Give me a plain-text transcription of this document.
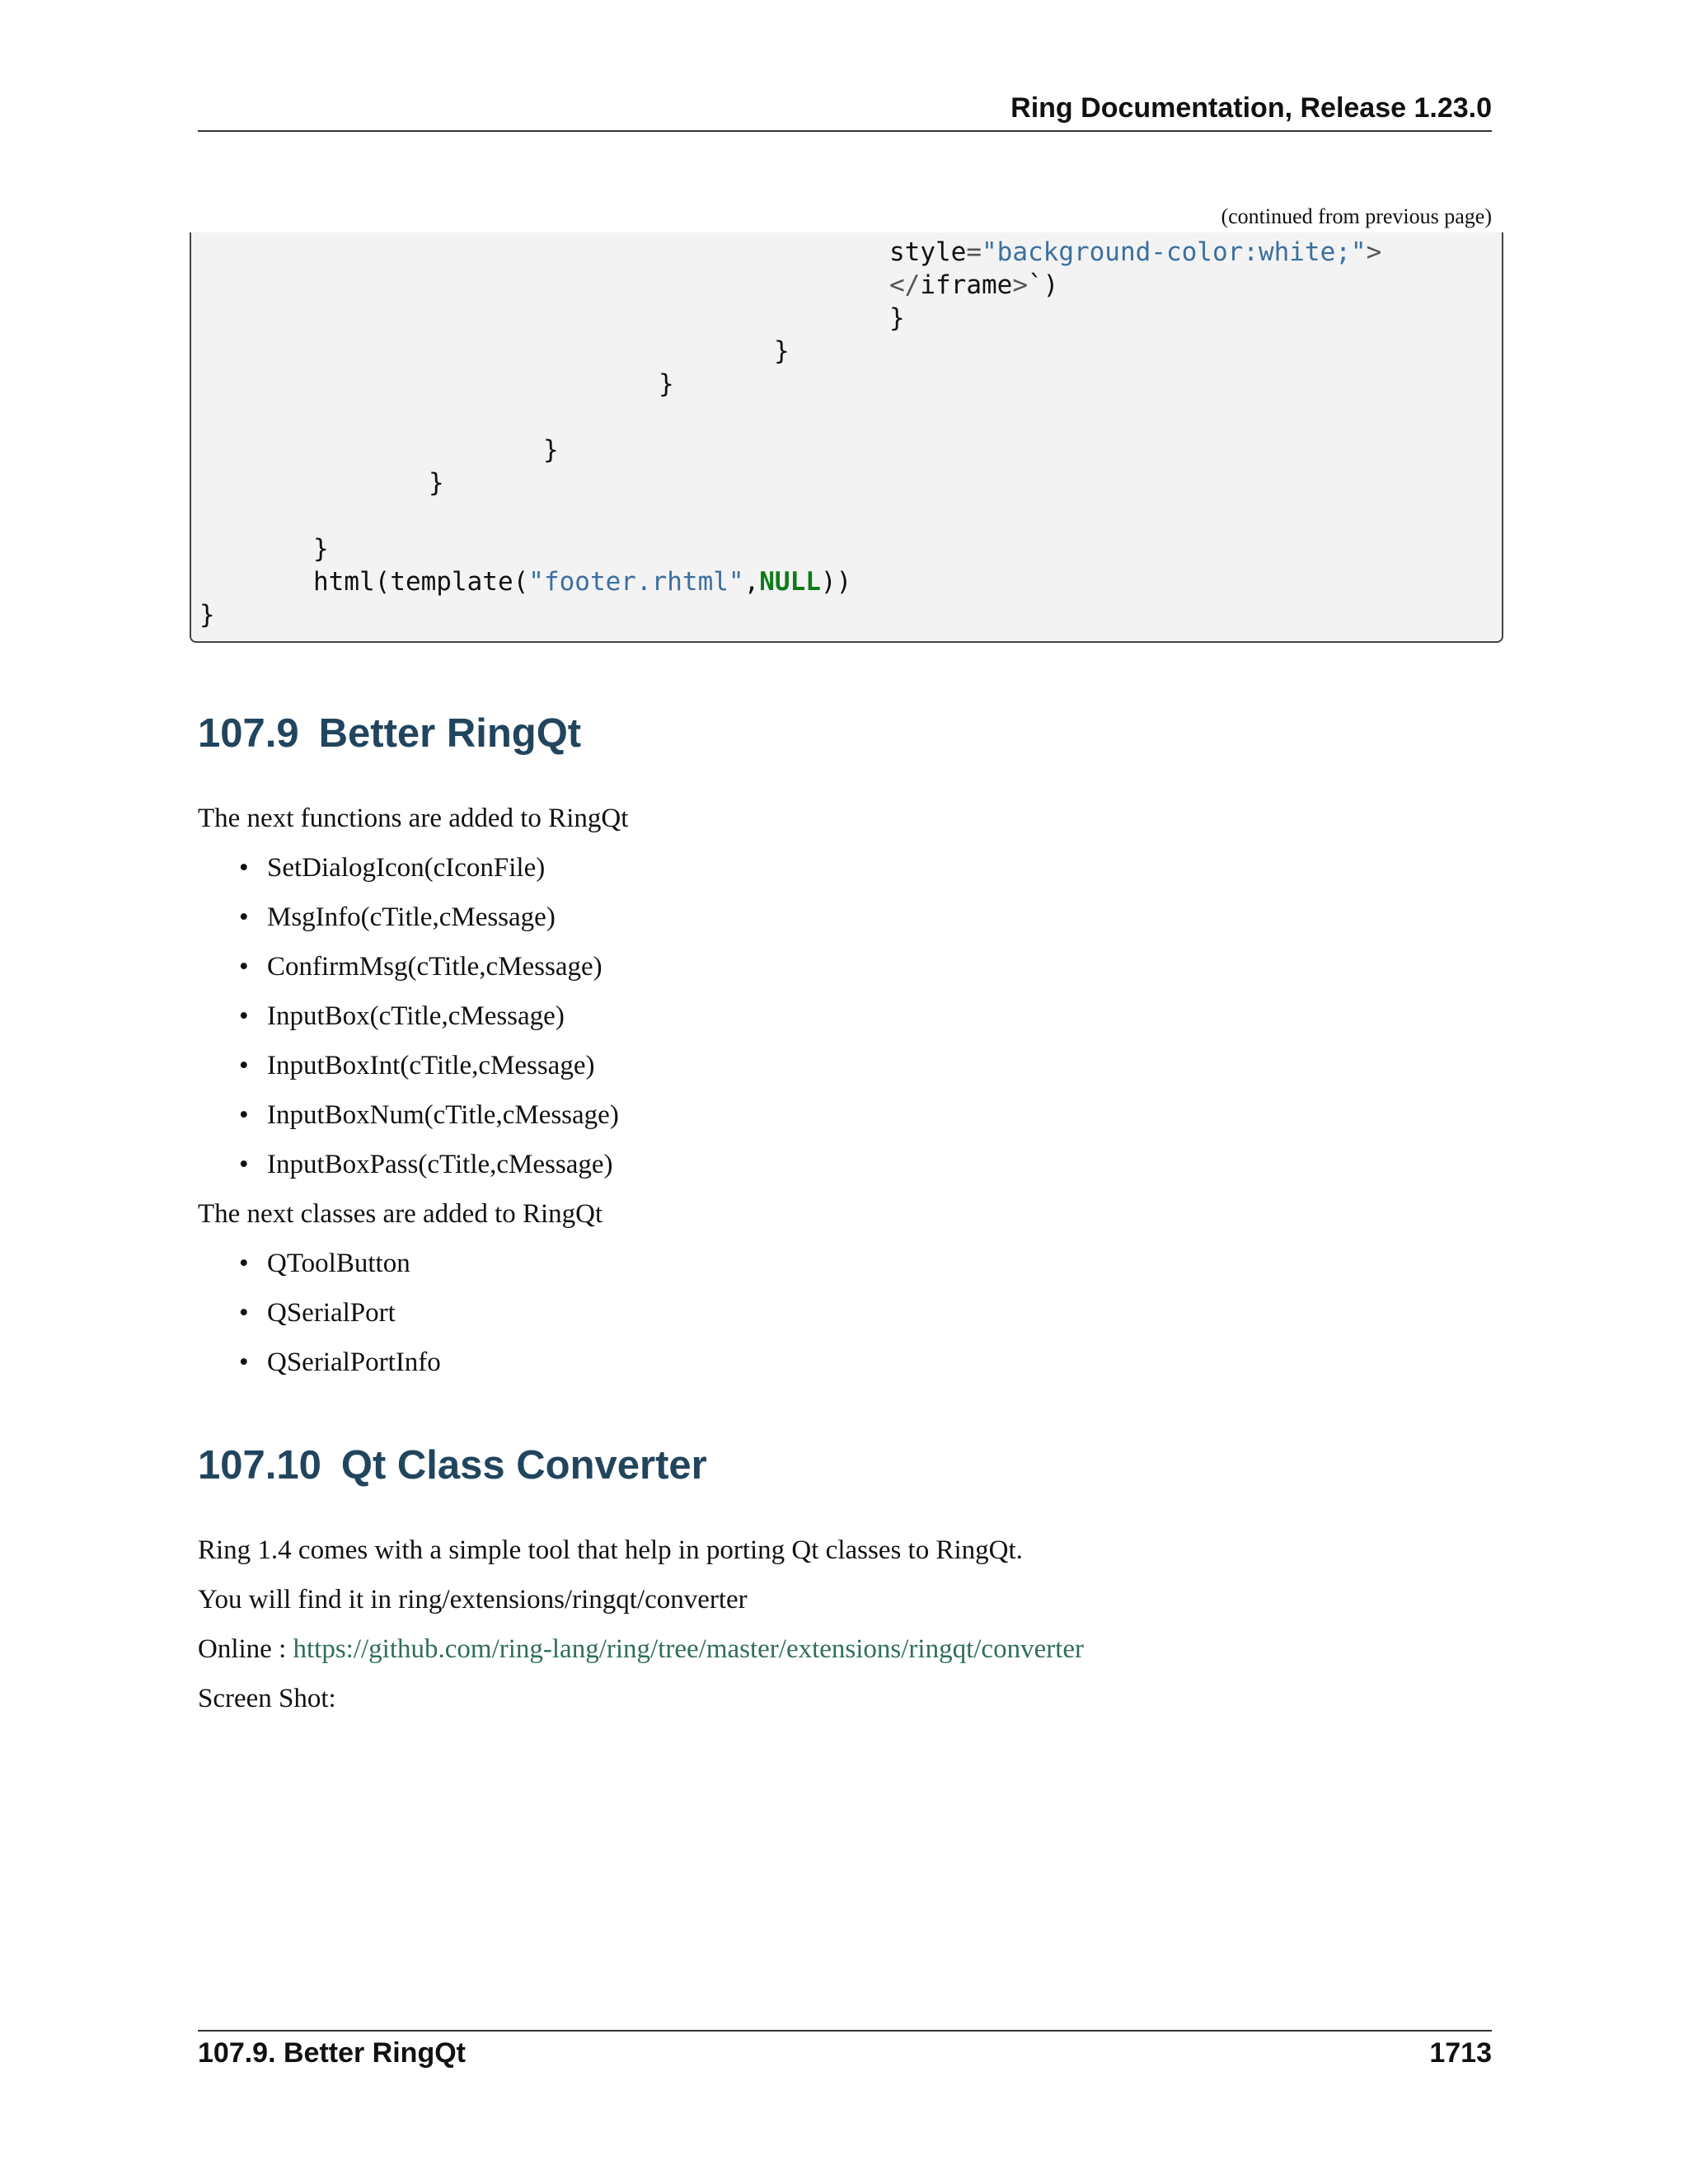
Ring Documentation, Release 1.23.0
(continued from previous page)
style="background-color:white;">
</iframe>`)
}
}
}
}
}
}
html(template("footer.rhtml",NULL))
}
107.9 Better RingQt
The next functions are added to RingQt
• SetDialogIcon(cIconFile)
• MsgInfo(cTitle,cMessage)
• ConfirmMsg(cTitle,cMessage)
• InputBox(cTitle,cMessage)
• InputBoxInt(cTitle,cMessage)
• InputBoxNum(cTitle,cMessage)
• InputBoxPass(cTitle,cMessage)
The next classes are added to RingQt
• QToolButton
• QSerialPort
• QSerialPortInfo
107.10 Qt Class Converter
Ring 1.4 comes with a simple tool that help in porting Qt classes to RingQt.
You will find it in ring/extensions/ringqt/converter
Online : https://github.com/ring-lang/ring/tree/master/extensions/ringqt/converter
Screen Shot:
107.9. Better RingQt	1713
